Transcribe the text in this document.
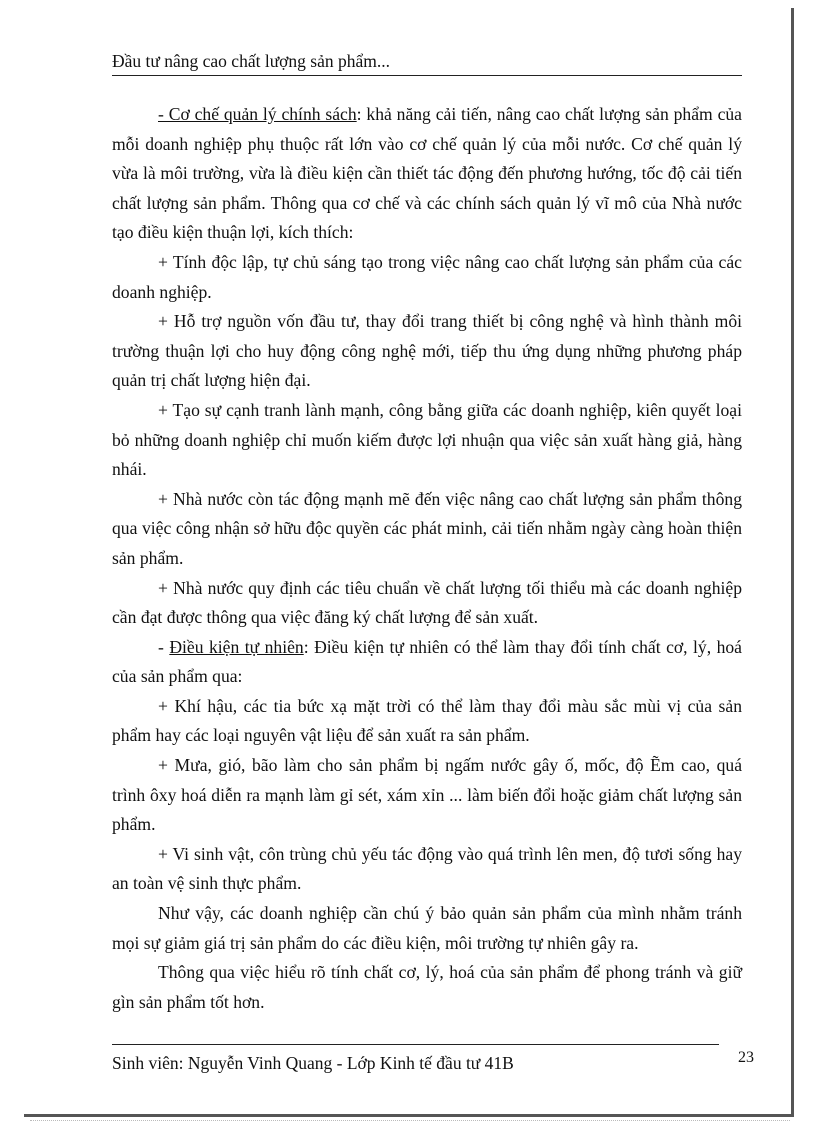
Đầu tư nâng cao chất lượng sản phẩm...

- Cơ chế quản lý chính sách: khả năng cải tiến, nâng cao chất lượng sản phẩm của mỗi doanh nghiệp phụ thuộc rất lớn vào cơ chế quản lý của mỗi nước. Cơ chế quản lý vừa là môi trường, vừa là điều kiện cần thiết tác động đến phương hướng, tốc độ cải tiến chất lượng sản phẩm. Thông qua cơ chế và các chính sách quản lý vĩ mô của Nhà nước tạo điều kiện thuận lợi, kích thích:

+ Tính độc lập, tự chủ sáng tạo trong việc nâng cao chất lượng sản phẩm của các doanh nghiệp.

+ Hỗ trợ nguồn vốn đầu tư, thay đổi trang thiết bị công nghệ và hình thành môi trường thuận lợi cho huy động công nghệ mới, tiếp thu ứng dụng những phương pháp quản trị chất lượng hiện đại.

+ Tạo sự cạnh tranh lành mạnh, công bằng giữa các doanh nghiệp, kiên quyết loại bỏ những doanh nghiệp chỉ muốn kiếm được lợi nhuận qua việc sản xuất hàng giả, hàng nhái.

+ Nhà nước còn tác động mạnh mẽ đến việc nâng cao chất lượng sản phẩm thông qua việc công nhận sở hữu độc quyền các phát minh, cải tiến nhằm ngày càng hoàn thiện sản phẩm.

+ Nhà nước quy định các tiêu chuẩn về chất lượng tối thiểu mà các doanh nghiệp cần đạt được thông qua việc đăng ký chất lượng để sản xuất.

- Điều kiện tự nhiên: Điều kiện tự nhiên có thể làm thay đổi tính chất cơ, lý, hoá của sản phẩm qua:

+ Khí hậu, các tia bức xạ mặt trời có thể làm thay đổi màu sắc mùi vị của sản phẩm hay các loại nguyên vật liệu để sản xuất ra sản phẩm.

+ Mưa, gió, bão làm cho sản phẩm bị ngấm nước gây ố, mốc, độ Ẽm cao, quá trình ôxy hoá diễn ra mạnh làm gỉ sét, xám xỉn ... làm biến đổi hoặc giảm chất lượng sản phẩm.

+ Vi sinh vật, côn trùng chủ yếu tác động vào quá trình lên men, độ tươi sống hay an toàn vệ sinh thực phẩm.

Như vậy, các doanh nghiệp cần chú ý bảo quản sản phẩm của mình nhằm tránh mọi sự giảm giá trị sản phẩm do các điều kiện, môi trường tự nhiên gây ra.

Thông qua việc hiểu rõ tính chất cơ, lý, hoá của sản phẩm để phong tránh và giữ gìn sản phẩm tốt hơn.

Sinh viên: Nguyễn Vinh Quang - Lớp Kinh tế đầu tư 41B	23
